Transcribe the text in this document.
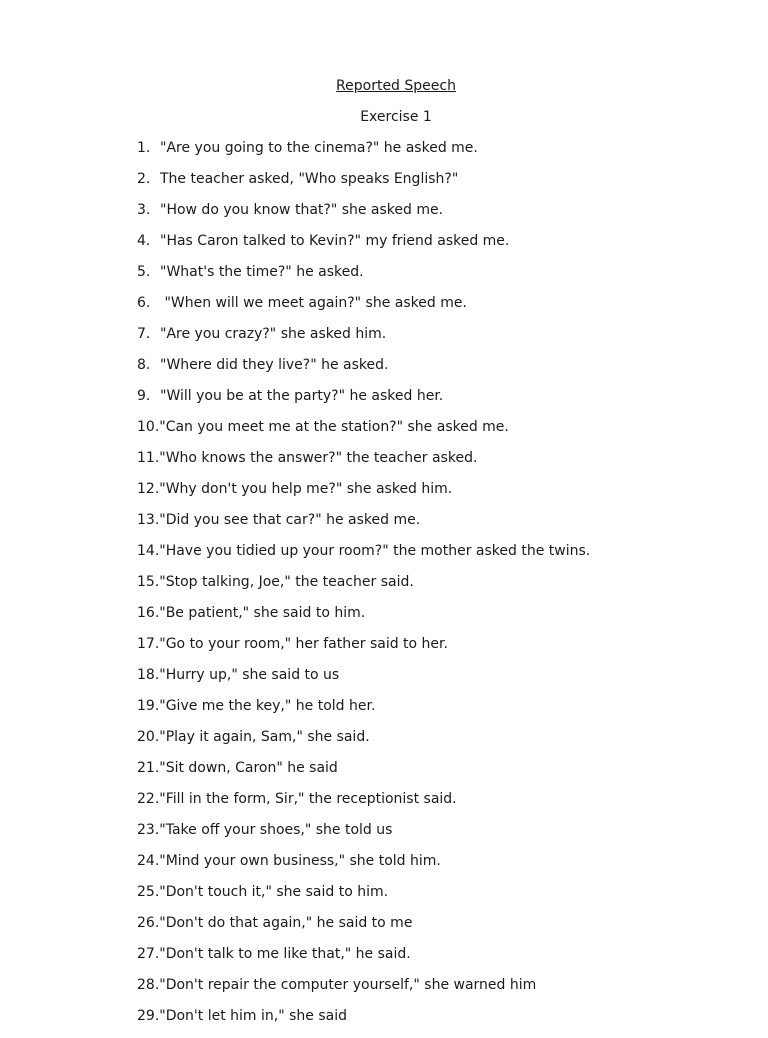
Reported Speech
Exercise 1
1. "Are you going to the cinema?" he asked me.
2. The teacher asked, "Who speaks English?"
3. "How do you know that?" she asked me.
4. "Has Caron talked to Kevin?" my friend asked me.
5. "What's the time?" he asked.
6. "When will we meet again?" she asked me.
7. "Are you crazy?" she asked him.
8. "Where did they live?" he asked.
9. "Will you be at the party?" he asked her.
10. "Can you meet me at the station?" she asked me.
11. "Who knows the answer?" the teacher asked.
12. "Why don't you help me?" she asked him.
13. "Did you see that car?" he asked me.
14. "Have you tidied up your room?" the mother asked the twins.
15. "Stop talking, Joe," the teacher said.
16. "Be patient," she said to him.
17. "Go to your room," her father said to her.
18. "Hurry up," she said to us
19. "Give me the key," he told her.
20. "Play it again, Sam," she said.
21. "Sit down, Caron" he said
22. "Fill in the form, Sir," the receptionist said.
23. "Take off your shoes," she told us
24. "Mind your own business," she told him.
25. "Don't touch it," she said to him.
26. "Don't do that again," he said to me
27. "Don't talk to me like that," he said.
28. "Don't repair the computer yourself," she warned him
29. "Don't let him in," she said
